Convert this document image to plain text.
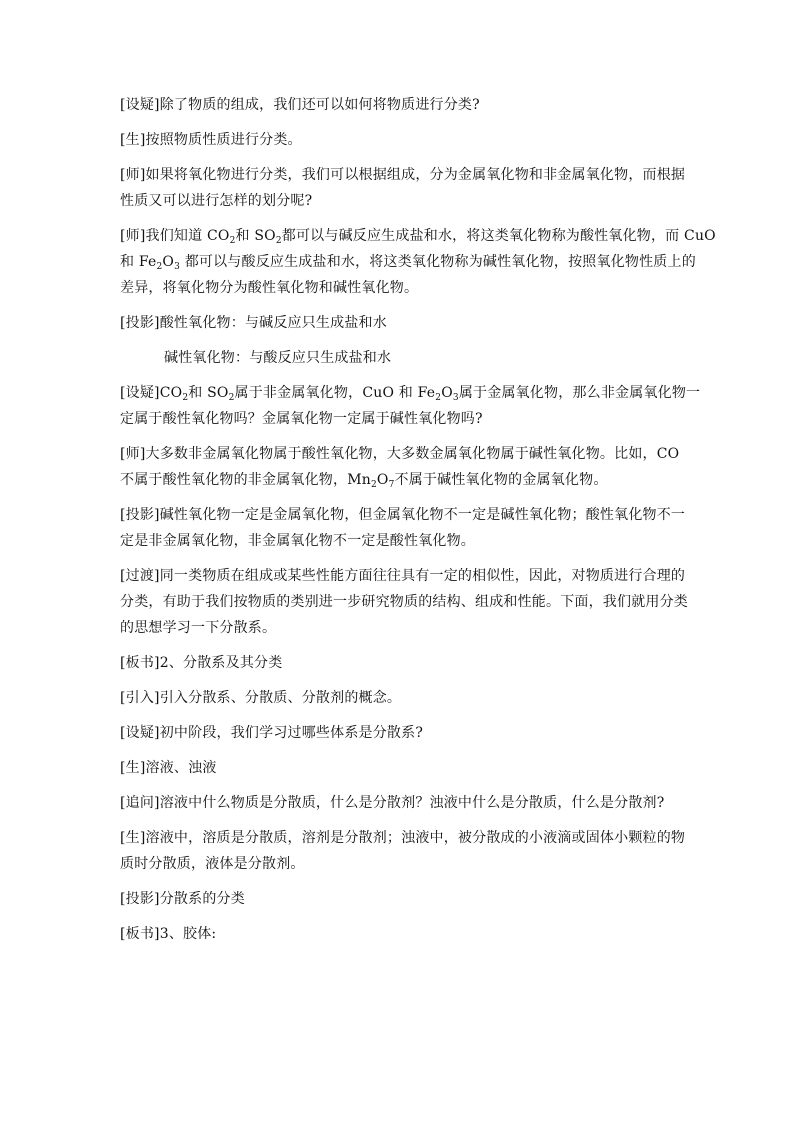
[设疑]除了物质的组成，我们还可以如何将物质进行分类?
[生]按照物质性质进行分类。
[师]如果将氧化物进行分类，我们可以根据组成，分为金属氧化物和非金属氧化物，而根据
性质又可以进行怎样的划分呢?
[师]我们知道 $CO_2$和 $SO_2$都可以与碱反应生成盐和水，将这类氧化物称为酸性氧化物，而 CuO
和 $Fe_2O_3$ 都可以与酸反应生成盐和水，将这类氧化物称为碱性氧化物，按照氧化物性质上的
差异，将氧化物分为酸性氧化物和碱性氧化物。
[投影]酸性氧化物：与碱反应只生成盐和水
碱性氧化物：与酸反应只生成盐和水
[设疑]$CO_2$和 $SO_2$属于非金属氧化物，CuO 和 $Fe_2O_3$属于金属氧化物，那么非金属氧化物一
定属于酸性氧化物吗？金属氧化物一定属于碱性氧化物吗?
[师]大多数非金属氧化物属于酸性氧化物，大多数金属氧化物属于碱性氧化物。比如，CO
不属于酸性氧化物的非金属氧化物，$Mn_2O_7$不属于碱性氧化物的金属氧化物。
[投影]碱性氧化物一定是金属氧化物，但金属氧化物不一定是碱性氧化物；酸性氧化物不一
定是非金属氧化物，非金属氧化物不一定是酸性氧化物。
[过渡]同一类物质在组成或某些性能方面往往具有一定的相似性，因此，对物质进行合理的
分类，有助于我们按物质的类别进一步研究物质的结构、组成和性能。下面，我们就用分类
的思想学习一下分散系。
[板书]2、分散系及其分类
[引入]引入分散系、分散质、分散剂的概念。
[设疑]初中阶段，我们学习过哪些体系是分散系?
[生]溶液、浊液
[追问]溶液中什么物质是分散质，什么是分散剂？浊液中什么是分散质，什么是分散剂?
[生]溶液中，溶质是分散质，溶剂是分散剂；浊液中，被分散成的小液滴或固体小颗粒的物
质时分散质，液体是分散剂。
[投影]分散系的分类
[板书]3、胶体:
